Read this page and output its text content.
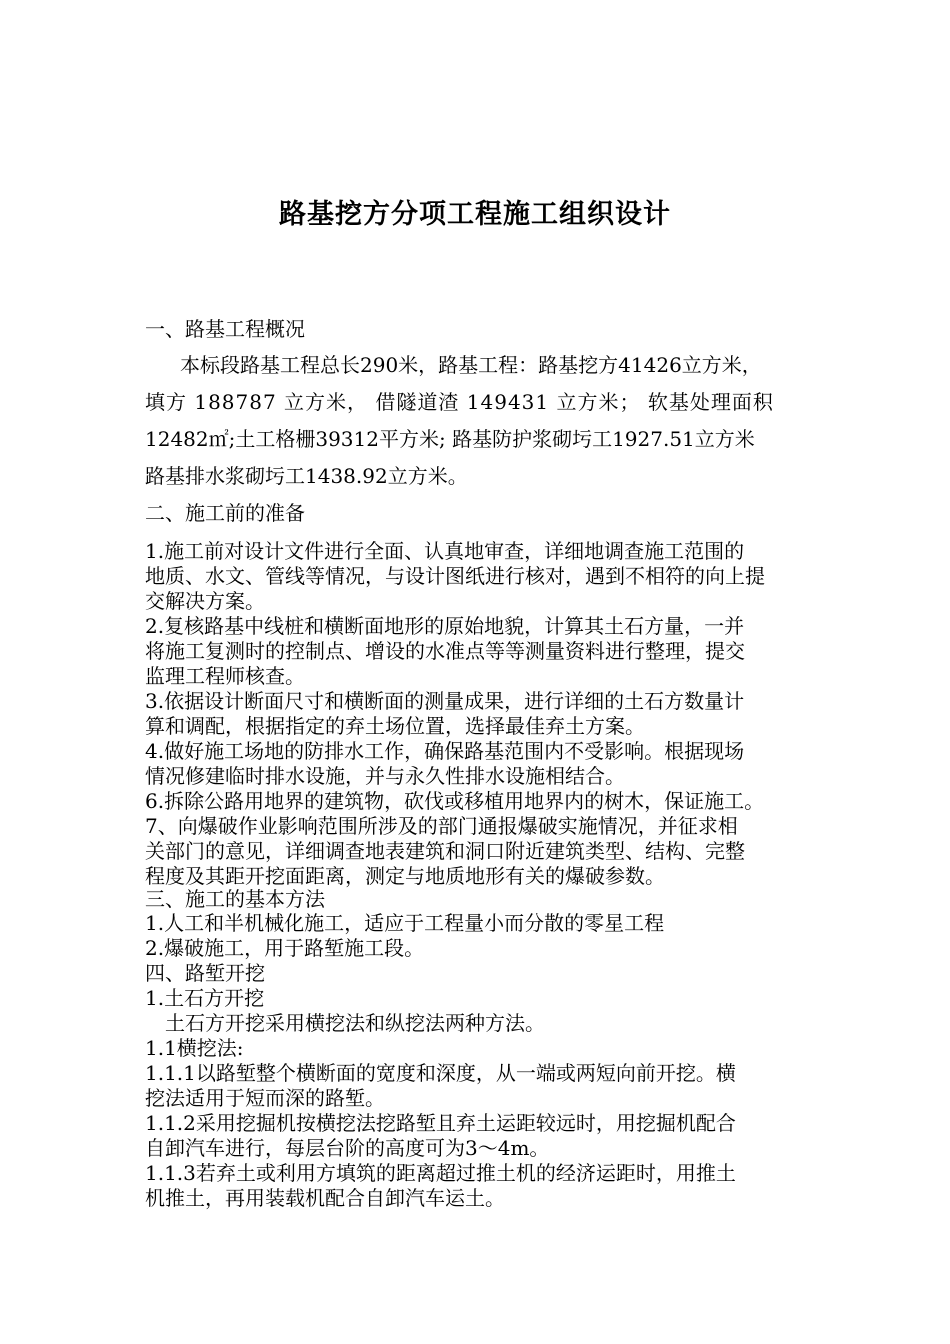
路基挖方分项工程施工组织设计
一、路基工程概况
本标段路基工程总长290米，路基工程：路基挖方41426立方米，
填方 188787 立方米， 借隧道渣 149431 立方米； 软基处理面积
12482㎡;土工格栅39312平方米; 路基防护浆砌圬工1927.51立方米
路基排水浆砌圬工1438.92立方米。
二、施工前的准备
1.施工前对设计文件进行全面、认真地审查，详细地调查施工范围的
地质、水文、管线等情况，与设计图纸进行核对，遇到不相符的向上提
交解决方案。
2.复核路基中线桩和横断面地形的原始地貌，计算其土石方量，一并
将施工复测时的控制点、增设的水准点等等测量资料进行整理，提交
监理工程师核查。
3.依据设计断面尺寸和横断面的测量成果，进行详细的土石方数量计
算和调配，根据指定的弃土场位置，选择最佳弃土方案。
4.做好施工场地的防排水工作，确保路基范围内不受影响。根据现场
情况修建临时排水设施，并与永久性排水设施相结合。
6.拆除公路用地界的建筑物，砍伐或移植用地界内的树木，保证施工。
7、向爆破作业影响范围所涉及的部门通报爆破实施情况，并征求相
关部门的意见，详细调查地表建筑和洞口附近建筑类型、结构、完整
程度及其距开挖面距离，测定与地质地形有关的爆破参数。
三、施工的基本方法
1.人工和半机械化施工，适应于工程量小而分散的零星工程
2.爆破施工，用于路堑施工段。
四、路堑开挖
1.土石方开挖
土石方开挖采用横挖法和纵挖法两种方法。
1.1横挖法:
1.1.1以路堑整个横断面的宽度和深度，从一端或两短向前开挖。横
挖法适用于短而深的路堑。
1.1.2采用挖掘机按横挖法挖路堑且弃土运距较远时，用挖掘机配合
自卸汽车进行，每层台阶的高度可为3～4m。
1.1.3若弃土或利用方填筑的距离超过推土机的经济运距时，用推土
机推土，再用装载机配合自卸汽车运土。
